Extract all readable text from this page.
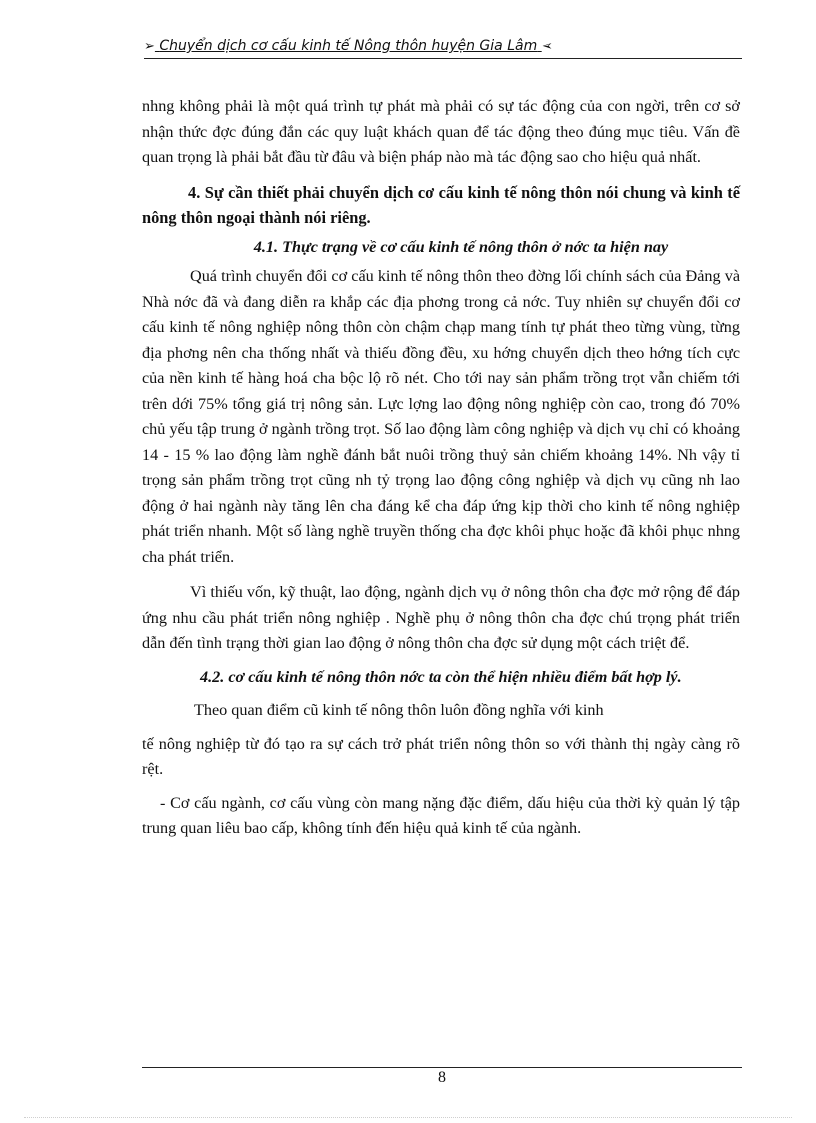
➢ Chuyển dịch cơ cấu kinh tế Nông thôn huyện Gia Lâm ➢

nhng không phải là một quá trình tự phát mà phải có sự tác động của con ngời, trên cơ sở nhận thức đợc đúng đắn các quy luật khách quan để tác động theo đúng mục tiêu. Vấn đề quan trọng là phải bắt đầu từ đâu và biện pháp nào mà tác động sao cho hiệu quả nhất.

4. Sự cần thiết phải chuyển dịch cơ cấu kinh tế nông thôn nói chung và kinh tế nông thôn ngoại thành nói riêng.

4.1. Thực trạng về cơ cấu kinh tế nông thôn ở nớc ta hiện nay

Quá trình chuyển đổi cơ cấu kinh tế nông thôn theo đờng lối chính sách của Đảng và Nhà nớc đã và đang diễn ra khắp các địa phơng trong cả nớc. Tuy nhiên sự chuyển đổi cơ cấu kinh tế nông nghiệp nông thôn còn chậm chạp mang tính tự phát theo từng vùng, từng địa phơng nên cha thống nhất và thiếu đồng đều, xu hớng chuyển dịch theo hớng tích cực của nền kinh tế hàng hoá cha bộc lộ rõ nét. Cho tới nay sản phẩm trồng trọt vẫn chiếm tới trên dới 75% tổng giá trị nông sản. Lực lợng lao động nông nghiệp còn cao, trong đó 70% chủ yếu tập trung ở ngành trồng trọt. Số lao động làm công nghiệp và dịch vụ chỉ có khoảng 14 - 15 % lao động làm nghề đánh bắt nuôi trồng thuỷ sản chiếm khoảng 14%. Nh vậy tỉ trọng sản phẩm trồng trọt cũng nh tỷ trọng lao động công nghiệp và dịch vụ cũng nh lao động ở hai ngành này tăng lên cha đáng kể cha đáp ứng kịp thời cho kinh tế nông nghiệp phát triển nhanh. Một số làng nghề truyền thống cha đợc khôi phục hoặc đã khôi phục nhng cha phát triển.

Vì thiếu vốn, kỹ thuật, lao động, ngành dịch vụ ở nông thôn cha đợc mở rộng để đáp ứng nhu cầu phát triển nông nghiệp . Nghề phụ ở nông thôn cha đợc chú trọng phát triển dẫn đến tình trạng thời gian lao động ở nông thôn cha đợc sử dụng một cách triệt để.

4.2. cơ cấu kinh tế nông thôn nớc ta còn thể hiện nhiều điểm bất hợp lý.

Theo quan điểm cũ kinh tế nông thôn luôn đồng nghĩa với kinh

tế nông nghiệp từ đó tạo ra sự cách trở phát triển nông thôn so với thành thị ngày càng rõ rệt.

- Cơ cấu ngành, cơ cấu vùng còn mang nặng đặc điểm, dấu hiệu của thời kỳ quản lý tập trung quan liêu bao cấp, không tính đến hiệu quả kinh tế của ngành.

8
